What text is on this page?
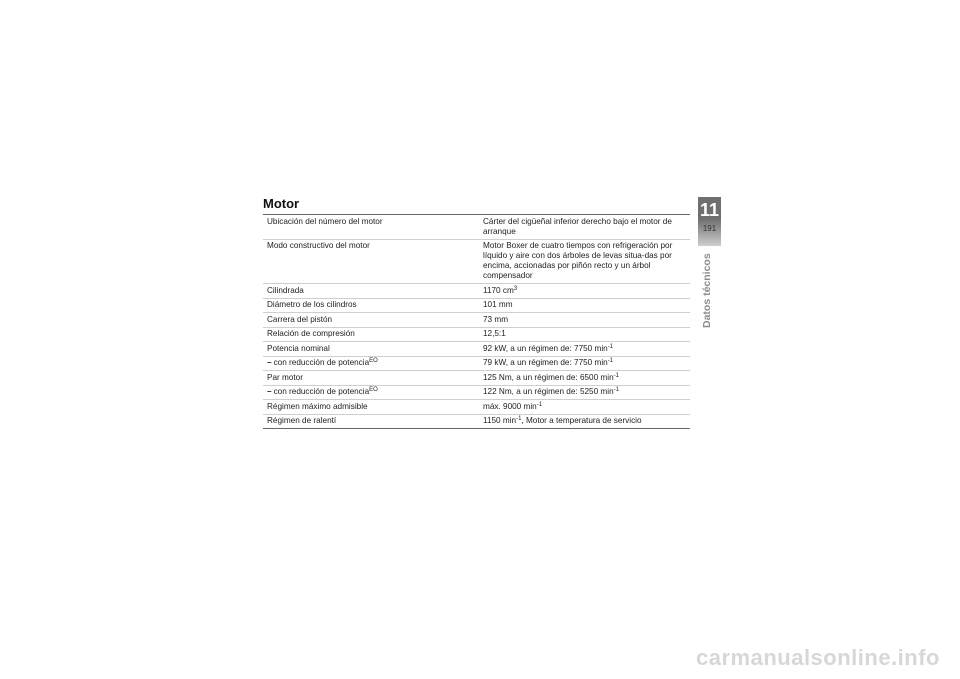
Motor
Ubicación del número del motor	Cárter del cigüeñal inferior derecho bajo el motor de arranque
Modo constructivo del motor	Motor Boxer de cuatro tiempos con refrigeración por líquido y aire con dos árboles de levas situa-das por encima, accionadas por piñón recto y un árbol compensador
Cilindrada	1170 $cm^3$
Diámetro de los cilindros	101 mm
Carrera del pistón	73 mm
Relación de compresión	12,5:1
Potencia nominal	92 kW, a un régimen de: 7750 $\min^{-1}$
– con reducción de potencia$^{EO}$	79 kW, a un régimen de: 7750 $\min^{-1}$
Par motor	125 Nm, a un régimen de: 6500 $\min^{-1}$
– con reducción de potencia$^{EO}$	122 Nm, a un régimen de: 5250 $\min^{-1}$
Régimen máximo admisible	máx. 9000 $\min^{-1}$
Régimen de ralentí	1150 $\min^{-1}$, Motor a temperatura de servicio
11
191
Datos técnicos
carmanualsonline.info
